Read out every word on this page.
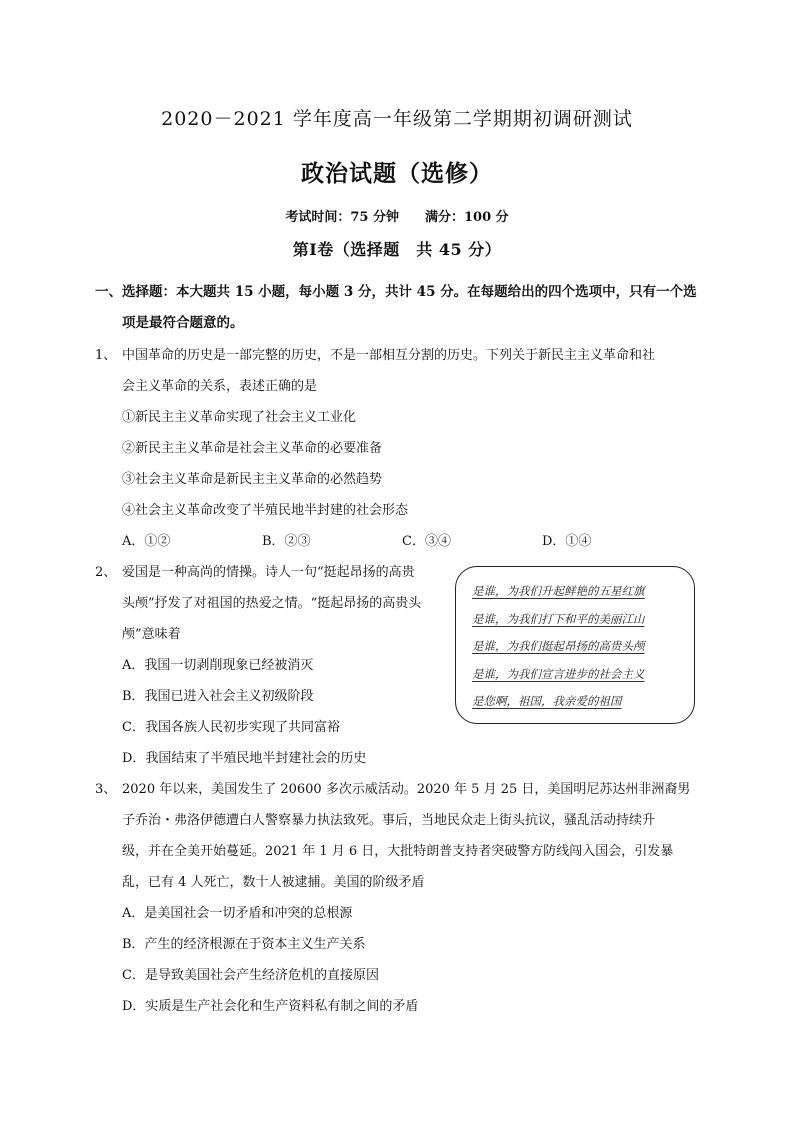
2020－2021 学年度高一年级第二学期期初调研测试
政治试题（选修）
考试时间：75 分钟　　满分：100 分
第Ⅰ卷（选择题　共 45 分）
一、选择题：本大题共 15 小题，每小题 3 分，共计 45 分。在每题给出的四个选项中，只有一个选
项是最符合题意的。
1、 中国革命的历史是一部完整的历史，不是一部相互分割的历史。下列关于新民主主义革命和社
会主义革命的关系，表述正确的是
①新民主主义革命实现了社会主义工业化
②新民主主义革命是社会主义革命的必要准备
③社会主义革命是新民主主义革命的必然趋势
④社会主义革命改变了半殖民地半封建的社会形态
A．①②	B．②③	C．③④	D．①④
2、 爱国是一种高尚的情操。诗人一句“挺起昂扬的高贵
头颅”抒发了对祖国的热爱之情。“挺起昂扬的高贵头
颅”意味着
A．我国一切剥削现象已经被消灭
B．我国已进入社会主义初级阶段
C．我国各族人民初步实现了共同富裕
D．我国结束了半殖民地半封建社会的历史
是谁，为我们升起鲜艳的五星红旗
是谁，为我们打下和平的美丽江山
是谁，为我们挺起昂扬的高贵头颅
是谁，为我们宣言进步的社会主义
是您啊，祖国，我亲爱的祖国
3、 2020 年以来，美国发生了 20600 多次示威活动。2020 年 5 月 25 日，美国明尼苏达州非洲裔男
子乔治・弗洛伊德遭白人警察暴力执法致死。事后，当地民众走上街头抗议，骚乱活动持续升
级，并在全美开始蔓延。2021 年 1 月 6 日，大批特朗普支持者突破警方防线闯入国会，引发暴
乱，已有 4 人死亡，数十人被逮捕。美国的阶级矛盾
A．是美国社会一切矛盾和冲突的总根源
B．产生的经济根源在于资本主义生产关系
C．是导致美国社会产生经济危机的直接原因
D．实质是生产社会化和生产资料私有制之间的矛盾
